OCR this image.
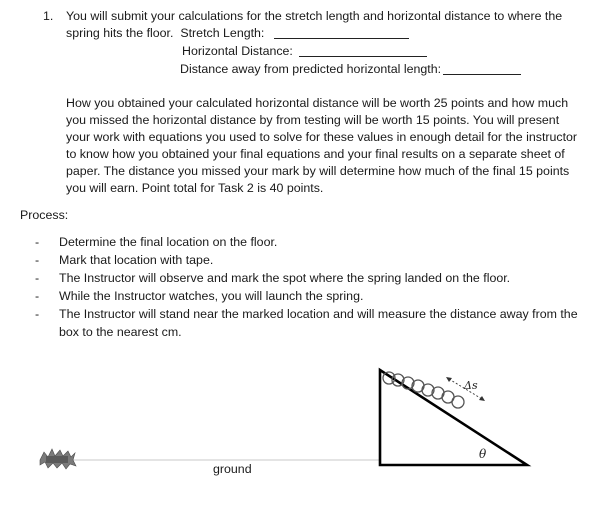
1. You will submit your calculations for the stretch length and horizontal distance to where the
spring hits the floor. Stretch Length:
Horizontal Distance:
Distance away from predicted horizontal length:
How you obtained your calculated horizontal distance will be worth 25 points and how much
you missed the horizontal distance by from testing will be worth 15 points. You will present
your work with equations you used to solve for these values in enough detail for the instructor
to know how you obtained your final equations and your final results on a separate sheet of
paper. The distance you missed your mark by will determine how much of the final 15 points
you will earn. Point total for Task 2 is 40 points.
Process:
- Determine the final location on the floor.
- Mark that location with tape.
- The Instructor will observe and mark the spot where the spring landed on the floor.
- While the Instructor watches, you will launch the spring.
- The Instructor will stand near the marked location and will measure the distance away from the
box to the nearest cm.
Δs
θ
ground
